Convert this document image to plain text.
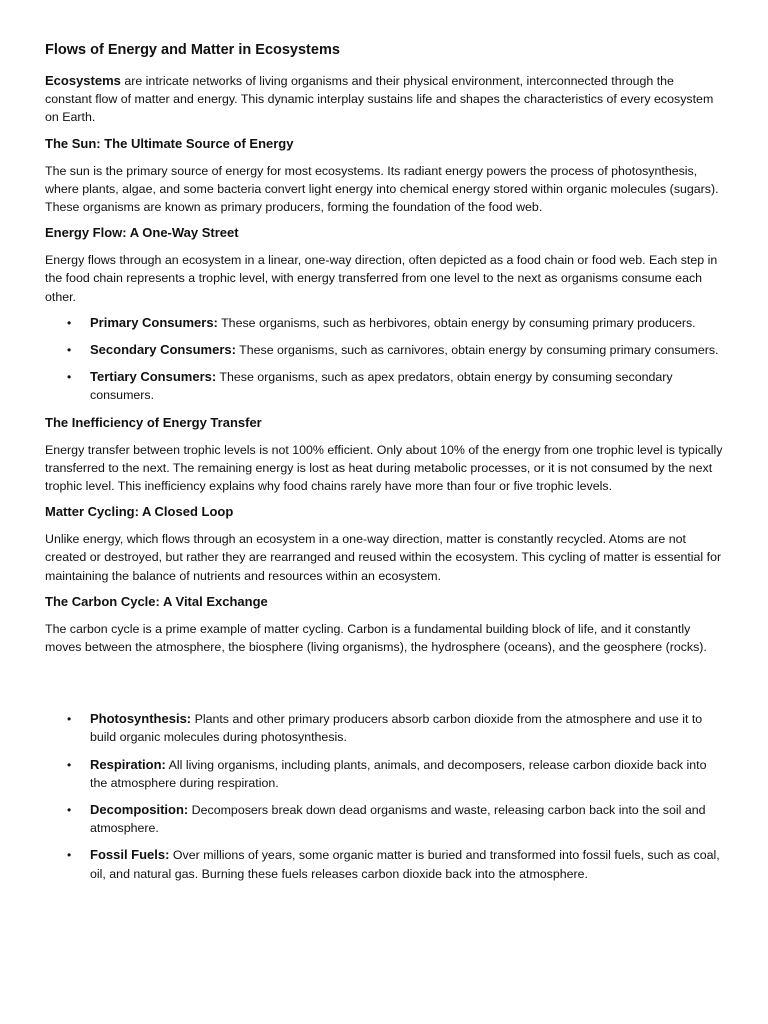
Flows of Energy and Matter in Ecosystems

Ecosystems are intricate networks of living organisms and their physical environment, interconnected through the constant flow of matter and energy. This dynamic interplay sustains life and shapes the characteristics of every ecosystem on Earth.

The Sun: The Ultimate Source of Energy

The sun is the primary source of energy for most ecosystems. Its radiant energy powers the process of photosynthesis, where plants, algae, and some bacteria convert light energy into chemical energy stored within organic molecules (sugars). These organisms are known as primary producers, forming the foundation of the food web.

Energy Flow: A One-Way Street

Energy flows through an ecosystem in a linear, one-way direction, often depicted as a food chain or food web. Each step in the food chain represents a trophic level, with energy transferred from one level to the next as organisms consume each other.

• Primary Consumers: These organisms, such as herbivores, obtain energy by consuming primary producers.
• Secondary Consumers: These organisms, such as carnivores, obtain energy by consuming primary consumers.
• Tertiary Consumers: These organisms, such as apex predators, obtain energy by consuming secondary consumers.
The Inefficiency of Energy Transfer

Energy transfer between trophic levels is not 100% efficient. Only about 10% of the energy from one trophic level is typically transferred to the next. The remaining energy is lost as heat during metabolic processes, or it is not consumed by the next trophic level. This inefficiency explains why food chains rarely have more than four or five trophic levels.

Matter Cycling: A Closed Loop

Unlike energy, which flows through an ecosystem in a one-way direction, matter is constantly recycled. Atoms are not created or destroyed, but rather they are rearranged and reused within the ecosystem. This cycling of matter is essential for maintaining the balance of nutrients and resources within an ecosystem.

The Carbon Cycle: A Vital Exchange

The carbon cycle is a prime example of matter cycling. Carbon is a fundamental building block of life, and it constantly moves between the atmosphere, the biosphere (living organisms), the hydrosphere (oceans), and the geosphere (rocks).

• Photosynthesis: Plants and other primary producers absorb carbon dioxide from the atmosphere and use it to build organic molecules during photosynthesis.
• Respiration: All living organisms, including plants, animals, and decomposers, release carbon dioxide back into the atmosphere during respiration.
• Decomposition: Decomposers break down dead organisms and waste, releasing carbon back into the soil and atmosphere.
• Fossil Fuels: Over millions of years, some organic matter is buried and transformed into fossil fuels, such as coal, oil, and natural gas. Burning these fuels releases carbon dioxide back into the atmosphere.
